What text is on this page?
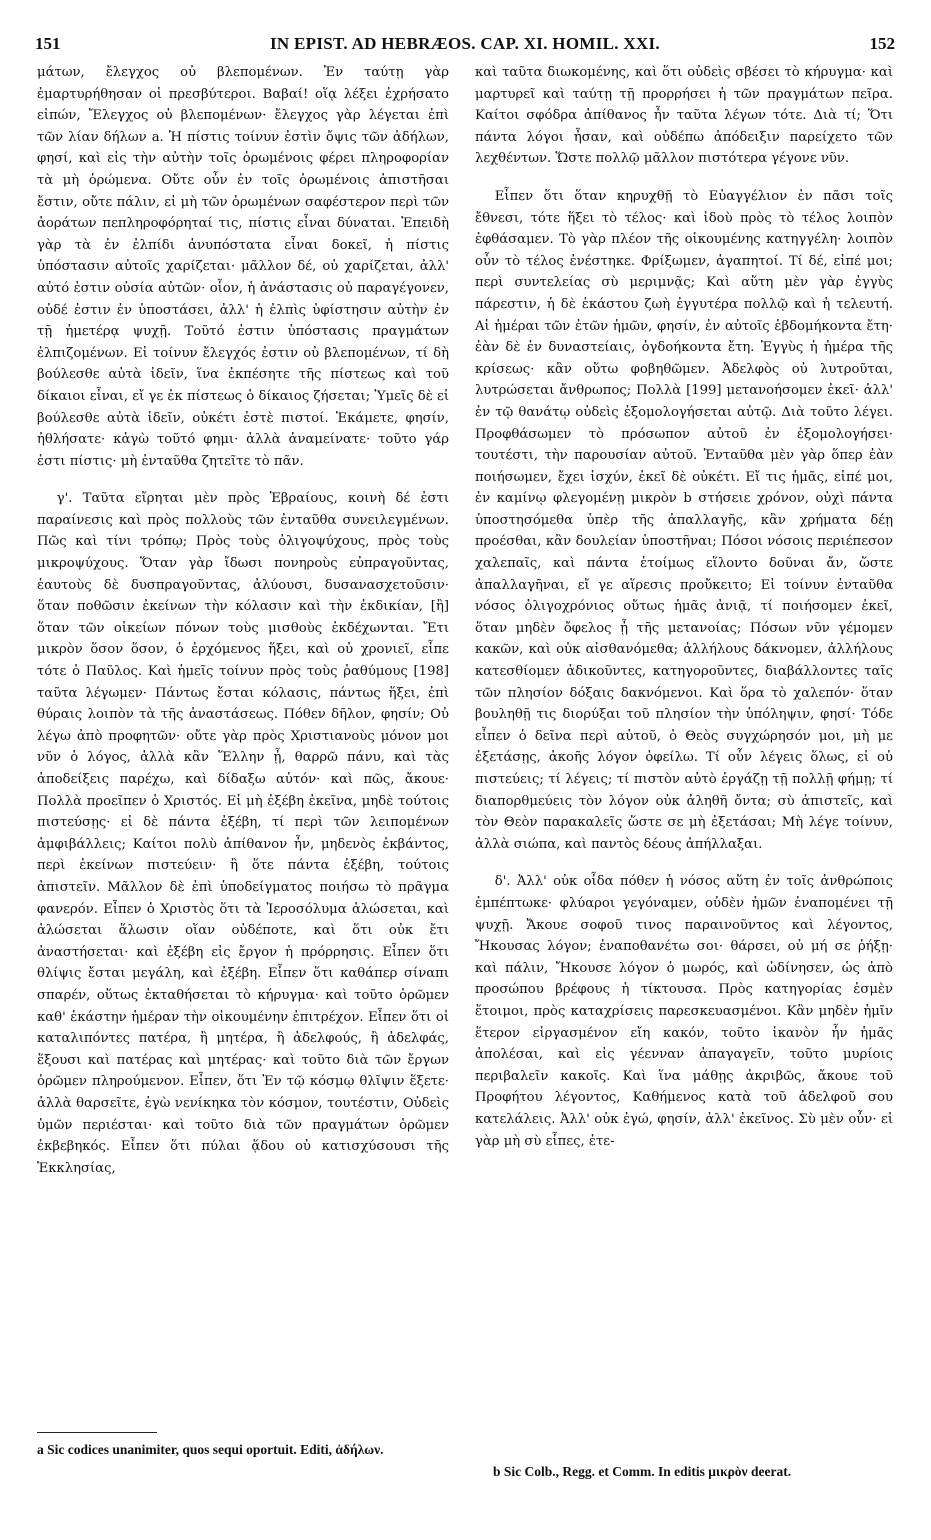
151	IN EPIST. AD HEBRÆOS. CAP. XI. HOMIL. XXI.	152

μάτων, ἔλεγχος οὐ βλεπομένων. Ἐν ταύτῃ γὰρ ἐμαρτυρήθησαν οἱ πρεσβύτεροι. Βαβαί! οἵᾳ λέξει ἐχρήσατο εἰπών, Ἔλεγχος οὐ βλεπομένων· ἔλεγχος γὰρ λέγεται ἐπὶ τῶν λίαν δήλων a. Ἡ πίστις τοίνυν ἐστὶν ὄψις τῶν ἀδήλων, φησί, καὶ εἰς τὴν αὐτὴν τοῖς ὁρωμένοις φέρει πληροφορίαν τὰ μὴ ὁρώμενα. Οὔτε οὖν ἐν τοῖς ὁρωμένοις ἀπιστῆσαι ἔστιν, οὔτε πάλιν, εἰ μὴ τῶν ὁρωμένων σαφέστερον περὶ τῶν ἀοράτων πεπληροφόρηταί τις, πίστις εἶναι δύναται. Ἐπειδὴ γὰρ τὰ ἐν ἐλπίδι ἀνυπόστατα εἶναι δοκεῖ, ἡ πίστις ὑπόστασιν αὐτοῖς χαρίζεται· μᾶλλον δέ, οὐ χαρίζεται, ἀλλ' αὐτό ἐστιν οὐσία αὐτῶν· οἷον, ἡ ἀνάστασις οὐ παραγέγονεν, οὐδέ ἐστιν ἐν ὑποστάσει, ἀλλ' ἡ ἐλπὶς ὑφίστησιν αὐτὴν ἐν τῇ ἡμετέρᾳ ψυχῇ. Τοῦτό ἐστιν ὑπόστασις πραγμάτων ἐλπιζομένων. Εἰ τοίνυν ἔλεγχός ἐστιν οὐ βλεπομένων, τί δὴ βούλεσθε αὐτὰ ἰδεῖν, ἵνα ἐκπέσητε τῆς πίστεως καὶ τοῦ δίκαιοι εἶναι, εἴ γε ἐκ πίστεως ὁ δίκαιος ζήσεται; Ὑμεῖς δὲ εἰ βούλεσθε αὐτὰ ἰδεῖν, οὐκέτι ἐστὲ πιστοί. Ἐκάμετε, φησίν, ἠθλήσατε· κἀγὼ τοῦτό φημι· ἀλλὰ ἀναμείνατε· τοῦτο γάρ ἐστι πίστις· μὴ ἐνταῦθα ζητεῖτε τὸ πᾶν.

γ'. Ταῦτα εἴρηται μὲν πρὸς Ἑβραίους, κοινὴ δέ ἐστι παραίνεσις καὶ πρὸς πολλοὺς τῶν ἐνταῦθα συνειλεγμένων. Πῶς καὶ τίνι τρόπῳ; Πρὸς τοὺς ὀλιγοψύχους, πρὸς τοὺς μικροψύχους. Ὅταν γὰρ ἴδωσι πονηροὺς εὐπραγοῦντας, ἑαυτοὺς δὲ δυσπραγοῦντας, ἀλύουσι, δυσανασχετοῦσιν· ὅταν ποθῶσιν ἐκείνων τὴν κόλασιν καὶ τὴν ἐκδικίαν, [ἢ] ὅταν τῶν οἰκείων πόνων τοὺς μισθοὺς ἐκδέχωνται. Ἔτι μικρὸν ὅσον ὅσον, ὁ ἐρχόμενος ἥξει, καὶ οὐ χρονιεῖ, εἶπε τότε ὁ Παῦλος. Καὶ ἡμεῖς τοίνυν πρὸς τοὺς ῥαθύμους [198] ταῦτα λέγωμεν· Πάντως ἔσται κόλασις, πάντως ἥξει, ἐπὶ θύραις λοιπὸν τὰ τῆς ἀναστάσεως. Πόθεν δῆλον, φησίν; Οὐ λέγω ἀπὸ προφητῶν· οὔτε γὰρ πρὸς Χριστιανοὺς μόνον μοι νῦν ὁ λόγος, ἀλλὰ κἂν Ἕλλην ᾖ, θαρρῶ πάνυ, καὶ τὰς ἀποδείξεις παρέχω, καὶ δίδαξω αὐτόν· καὶ πῶς, ἄκουε· Πολλὰ προεῖπεν ὁ Χριστός. Εἰ μὴ ἐξέβη ἐκεῖνα, μηδὲ τούτοις πιστεύσῃς· εἰ δὲ πάντα ἐξέβη, τί περὶ τῶν λειπομένων ἀμφιβάλλεις; Καίτοι πολὺ ἀπίθανον ἦν, μηδενὸς ἐκβάντος, περὶ ἐκείνων πιστεύειν· ἢ ὅτε πάντα ἐξέβη, τούτοις ἀπιστεῖν. Μᾶλλον δὲ ἐπὶ ὑποδείγματος ποιήσω τὸ πρᾶγμα φανερόν. Εἶπεν ὁ Χριστὸς ὅτι τὰ Ἱεροσόλυμα ἁλώσεται, καὶ ἁλώσεται ἅλωσιν οἵαν οὐδέποτε, καὶ ὅτι οὐκ ἔτι ἀναστήσεται· καὶ ἐξέβη εἰς ἔργον ἡ πρόρρησις. Εἶπεν ὅτι θλίψις ἔσται μεγάλη, καὶ ἐξέβη. Εἶπεν ὅτι καθάπερ σίναπι σπαρέν, οὕτως ἐκταθήσεται τὸ κήρυγμα· καὶ τοῦτο ὁρῶμεν καθ' ἑκάστην ἡμέραν τὴν οἰκουμένην ἐπιτρέχον. Εἶπεν ὅτι οἱ καταλιπόντες πατέρα, ἢ μητέρα, ἢ ἀδελφούς, ἢ ἀδελφάς, ἕξουσι καὶ πατέρας καὶ μητέρας· καὶ τοῦτο διὰ τῶν ἔργων ὁρῶμεν πληρούμενον. Εἶπεν, ὅτι Ἐν τῷ κόσμῳ θλῖψιν ἕξετε· ἀλλὰ θαρσεῖτε, ἐγὼ νενίκηκα τὸν κόσμον, τουτέστιν, Οὐδεὶς ὑμῶν περιέσται· καὶ τοῦτο διὰ τῶν πραγμάτων ὁρῶμεν ἐκβεβηκός. Εἶπεν ὅτι πύλαι ᾅδου οὐ κατισχύσουσι τῆς Ἐκκλησίας,

καὶ ταῦτα διωκομένης, καὶ ὅτι οὐδεὶς σβέσει τὸ κήρυγμα· καὶ μαρτυρεῖ καὶ ταύτῃ τῇ προρρήσει ἡ τῶν πραγμάτων πεῖρα. Καίτοι σφόδρα ἀπίθανος ἦν ταῦτα λέγων τότε. Διὰ τί; Ὅτι πάντα λόγοι ἦσαν, καὶ οὐδέπω ἀπόδειξιν παρείχετο τῶν λεχθέντων. Ὥστε πολλῷ μᾶλλον πιστότερα γέγονε νῦν.

Εἶπεν ὅτι ὅταν κηρυχθῇ τὸ Εὐαγγέλιον ἐν πᾶσι τοῖς ἔθνεσι, τότε ἥξει τὸ τέλος· καὶ ἰδοὺ πρὸς τὸ τέλος λοιπὸν ἐφθάσαμεν. Τὸ γὰρ πλέον τῆς οἰκουμένης κατηγγέλη· λοιπὸν οὖν τὸ τέλος ἐνέστηκε. Φρίξωμεν, ἀγαπητοί. Τί δέ, εἰπέ μοι; περὶ συντελείας σὺ μεριμνᾷς; Καὶ αὕτη μὲν γὰρ ἐγγὺς πάρεστιν, ἡ δὲ ἑκάστου ζωὴ ἐγγυτέρα πολλῷ καὶ ἡ τελευτή. Αἱ ἡμέραι τῶν ἐτῶν ἡμῶν, φησίν, ἐν αὐτοῖς ἑβδομήκοντα ἔτη· ἐὰν δὲ ἐν δυναστείαις, ὀγδοήκοντα ἔτη. Ἐγγὺς ἡ ἡμέρα τῆς κρίσεως· κἂν οὕτω φοβηθῶμεν. Ἀδελφὸς οὐ λυτροῦται, λυτρώσεται ἄνθρωπος; Πολλὰ [199] μετανοήσομεν ἐκεῖ· ἀλλ' ἐν τῷ θανάτῳ οὐδεὶς ἐξομολογήσεται αὐτῷ. Διὰ τοῦτο λέγει. Προφθάσωμεν τὸ πρόσωπον αὐτοῦ ἐν ἐξομολογήσει· τουτέστι, τὴν παρουσίαν αὐτοῦ. Ἐνταῦθα μὲν γὰρ ὅπερ ἐὰν ποιήσωμεν, ἔχει ἰσχύν, ἐκεῖ δὲ οὐκέτι. Εἴ τις ἡμᾶς, εἰπέ μοι, ἐν καμίνῳ φλεγομένῃ μικρὸν b στήσειε χρόνον, οὐχὶ πάντα ὑποστησόμεθα ὑπὲρ τῆς ἀπαλλαγῆς, κἂν χρήματα δέῃ προέσθαι, κἂν δουλείαν ὑποστῆναι; Πόσοι νόσοις περιέπεσον χαλεπαῖς, καὶ πάντα ἑτοίμως εἵλοντο δοῦναι ἄν, ὥστε ἀπαλλαγῆναι, εἴ γε αἵρεσις προὔκειτο; Εἰ τοίνυν ἐνταῦθα νόσος ὀλιγοχρόνιος οὕτως ἡμᾶς ἀνιᾷ, τί ποιήσομεν ἐκεῖ, ὅταν μηδὲν ὄφελος ᾖ τῆς μετανοίας; Πόσων νῦν γέμομεν κακῶν, καὶ οὐκ αἰσθανόμεθα; ἀλλήλους δάκνομεν, ἀλλήλους κατεσθίομεν ἀδικοῦντες, κατηγοροῦντες, διαβάλλοντες ταῖς τῶν πλησίον δόξαις δακνόμενοι. Καὶ ὅρα τὸ χαλεπόν· ὅταν βουληθῇ τις διορύξαι τοῦ πλησίον τὴν ὑπόληψιν, φησί· Τόδε εἶπεν ὁ δεῖνα περὶ αὐτοῦ, ὁ Θεὸς συγχώρησόν μοι, μὴ με ἐξετάσῃς, ἀκοῆς λόγον ὀφείλω. Τί οὖν λέγεις ὅλως, εἰ οὐ πιστεύεις; τί λέγεις; τί πιστὸν αὐτὸ ἐργάζῃ τῇ πολλῇ φήμῃ; τί διαπορθμεύεις τὸν λόγον οὐκ ἀληθῆ ὄντα; σὺ ἀπιστεῖς, καὶ τὸν Θεὸν παρακαλεῖς ὥστε σε μὴ ἐξετάσαι; Μὴ λέγε τοίνυν, ἀλλὰ σιώπα, καὶ παντὸς δέους ἀπήλλαξαι.

δ'. Ἀλλ' οὐκ οἶδα πόθεν ἡ νόσος αὕτη ἐν τοῖς ἀνθρώποις ἐμπέπτωκε· φλύαροι γεγόναμεν, οὐδὲν ἡμῶν ἐναπομένει τῇ ψυχῇ. Ἄκουε σοφοῦ τινος παραινοῦντος καὶ λέγοντος, Ἤκουσας λόγον; ἐναποθανέτω σοι· θάρσει, οὐ μή σε ῥήξῃ· καὶ πάλιν, Ἤκουσε λόγον ὁ μωρός, καὶ ὠδίνησεν, ὡς ἀπὸ προσώπου βρέφους ἡ τίκτουσα. Πρὸς κατηγορίας ἐσμὲν ἕτοιμοι, πρὸς καταχρίσεις παρεσκευασμένοι. Κἂν μηδὲν ἡμῖν ἕτερον εἰργασμένον εἴη κακόν, τοῦτο ἱκανὸν ἦν ἡμᾶς ἀπολέσαι, καὶ εἰς γέενναν ἀπαγαγεῖν, τοῦτο μυρίοις περιβαλεῖν κακοῖς. Καὶ ἵνα μάθῃς ἀκριβῶς, ἄκουε τοῦ Προφήτου λέγοντος, Καθήμενος κατὰ τοῦ ἀδελφοῦ σου κατελάλεις. Ἀλλ' οὐκ ἐγώ, φησίν, ἀλλ' ἐκεῖνος. Σὺ μὲν οὖν· εἰ γὰρ μὴ σὺ εἶπες, ἐτε-

a Sic codices unanimiter, quos sequi oportuit. Editi, ἀδήλων.
b Sic Colb., Regg. et Comm. In editis μικρὸν deerat.
